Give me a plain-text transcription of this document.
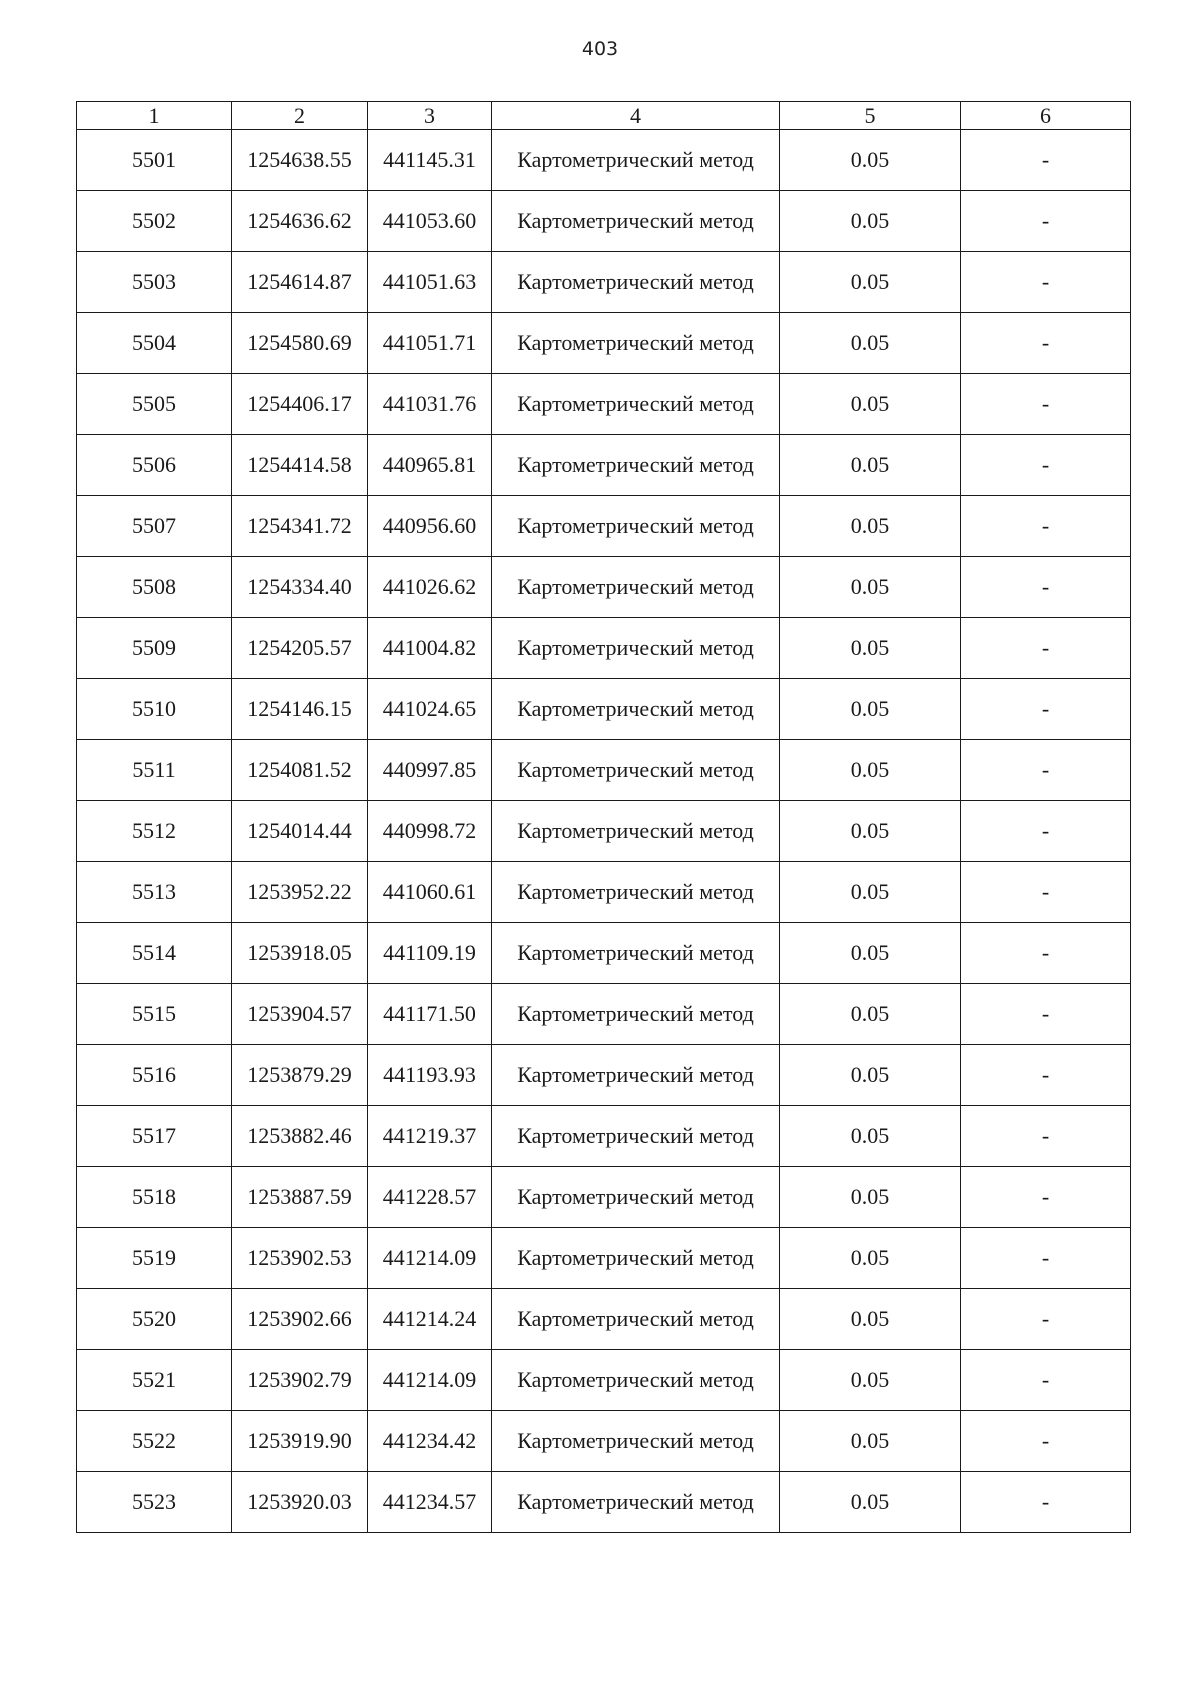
403
1	2	3	4	5	6
5501	1254638.55	441145.31	Картометрический метод	0.05	-
5502	1254636.62	441053.60	Картометрический метод	0.05	-
5503	1254614.87	441051.63	Картометрический метод	0.05	-
5504	1254580.69	441051.71	Картометрический метод	0.05	-
5505	1254406.17	441031.76	Картометрический метод	0.05	-
5506	1254414.58	440965.81	Картометрический метод	0.05	-
5507	1254341.72	440956.60	Картометрический метод	0.05	-
5508	1254334.40	441026.62	Картометрический метод	0.05	-
5509	1254205.57	441004.82	Картометрический метод	0.05	-
5510	1254146.15	441024.65	Картометрический метод	0.05	-
5511	1254081.52	440997.85	Картометрический метод	0.05	-
5512	1254014.44	440998.72	Картометрический метод	0.05	-
5513	1253952.22	441060.61	Картометрический метод	0.05	-
5514	1253918.05	441109.19	Картометрический метод	0.05	-
5515	1253904.57	441171.50	Картометрический метод	0.05	-
5516	1253879.29	441193.93	Картометрический метод	0.05	-
5517	1253882.46	441219.37	Картометрический метод	0.05	-
5518	1253887.59	441228.57	Картометрический метод	0.05	-
5519	1253902.53	441214.09	Картометрический метод	0.05	-
5520	1253902.66	441214.24	Картометрический метод	0.05	-
5521	1253902.79	441214.09	Картометрический метод	0.05	-
5522	1253919.90	441234.42	Картометрический метод	0.05	-
5523	1253920.03	441234.57	Картометрический метод	0.05	-
